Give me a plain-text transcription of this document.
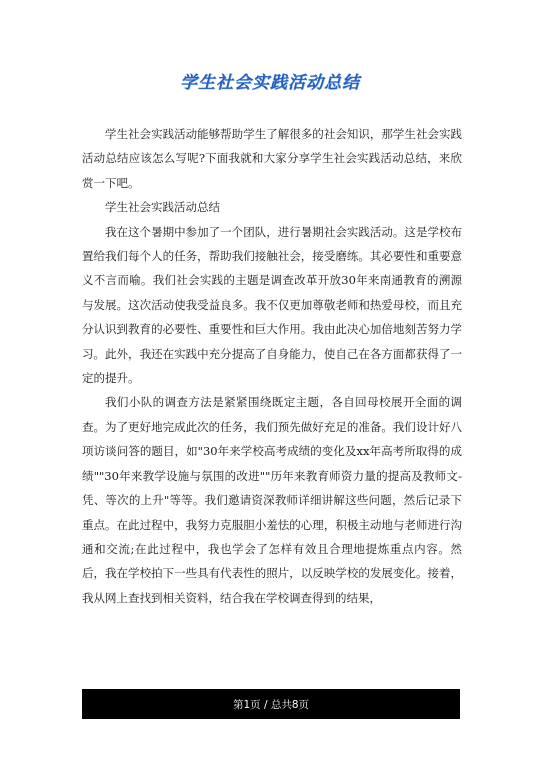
学生社会实践活动总结

学生社会实践活动能够帮助学生了解很多的社会知识，那学生社会实践活动总结应该怎么写呢?下面我就和大家分享学生社会实践活动总结，来欣赏一下吧。

学生社会实践活动总结

我在这个暑期中参加了一个团队，进行暑期社会实践活动。这是学校布置给我们每个人的任务，帮助我们接触社会，接受磨练。其必要性和重要意义不言而喻。我们社会实践的主题是调查改革开放30年来南通教育的溯源与发展。这次活动使我受益良多。我不仅更加尊敬老师和热爱母校，而且充分认识到教育的必要性、重要性和巨大作用。我由此决心加倍地刻苦努力学习。此外，我还在实践中充分提高了自身能力，使自己在各方面都获得了一定的提升。

我们小队的调查方法是紧紧围绕既定主题，各自回母校展开全面的调查。为了更好地完成此次的任务，我们预先做好充足的准备。我们设计好八项访谈问答的题目，如"30年来学校高考成绩的变化及xx年高考所取得的成绩""30年来教学设施与氛围的改进""历年来教育师资力量的提高及教师文-凭、等次的上升"等等。我们邀请资深教师详细讲解这些问题，然后记录下重点。在此过程中，我努力克服胆小羞怯的心理，积极主动地与老师进行沟通和交流;在此过程中，我也学会了怎样有效且合理地提炼重点内容。然后，我在学校拍下一些具有代表性的照片，以反映学校的发展变化。接着，我从网上查找到相关资料，结合我在学校调查得到的结果，

第1页 / 总共8页
